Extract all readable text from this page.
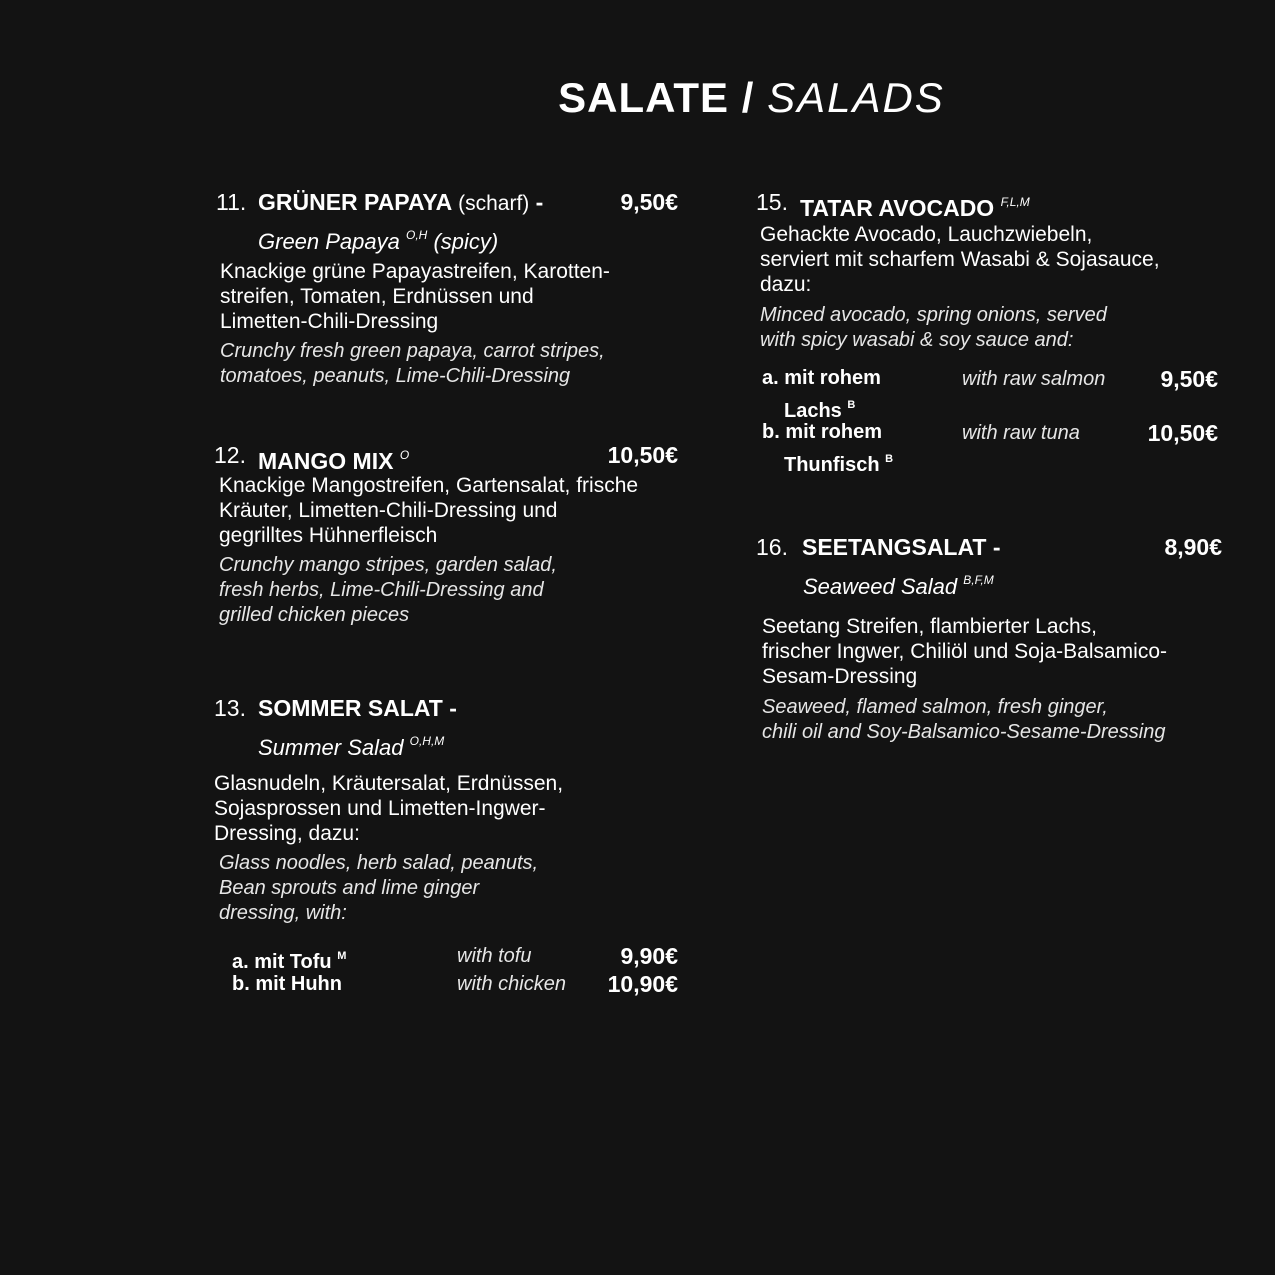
SALATE / SALADS
11. GRÜNER PAPAYA (scharf) -	9,50€
Green Papaya $^{O,H}$ (spicy)
Knackige grüne Papayastreifen, Karotten-
streifen, Tomaten, Erdnüssen und
Limetten-Chili-Dressing
Crunchy fresh green papaya, carrot stripes,
tomatoes, peanuts, Lime-Chili-Dressing
12. MANGO MIX $^O$	10,50€
Knackige Mangostreifen, Gartensalat, frische
Kräuter, Limetten-Chili-Dressing und
gegrilltes Hühnerfleisch
Crunchy mango stripes, garden salad,
fresh herbs, Lime-Chili-Dressing and
grilled chicken pieces
13. SOMMER SALAT -
Summer Salad $^{O,H,M}$
Glasnudeln, Kräutersalat, Erdnüssen,
Sojasprossen und Limetten-Ingwer-
Dressing, dazu:
Glass noodles, herb salad, peanuts,
Bean sprouts and lime ginger
dressing, with:
a. mit Tofu $^M$	with tofu	9,90€
b. mit Huhn	with chicken 10,90€
15. TATAR AVOCADO $^{F,L,M}$
Gehackte Avocado, Lauchzwiebeln,
serviert mit scharfem Wasabi & Sojasauce,
dazu:
Minced avocado, spring onions, served
with spicy wasabi & soy sauce and:
a. mit rohem
Lachs $^B$
with raw salmon 9,50€
b. mit rohem
Thunfisch $^B$
with raw tuna	10,50€
16. SEETANGSALAT -	8,90€
Seaweed Salad $^{B,F,M}$
Seetang Streifen, flambierter Lachs,
frischer Ingwer, Chiliöl und Soja-Balsamico-
Sesam-Dressing
Seaweed, flamed salmon, fresh ginger,
chili oil and Soy-Balsamico-Sesame-Dressing
